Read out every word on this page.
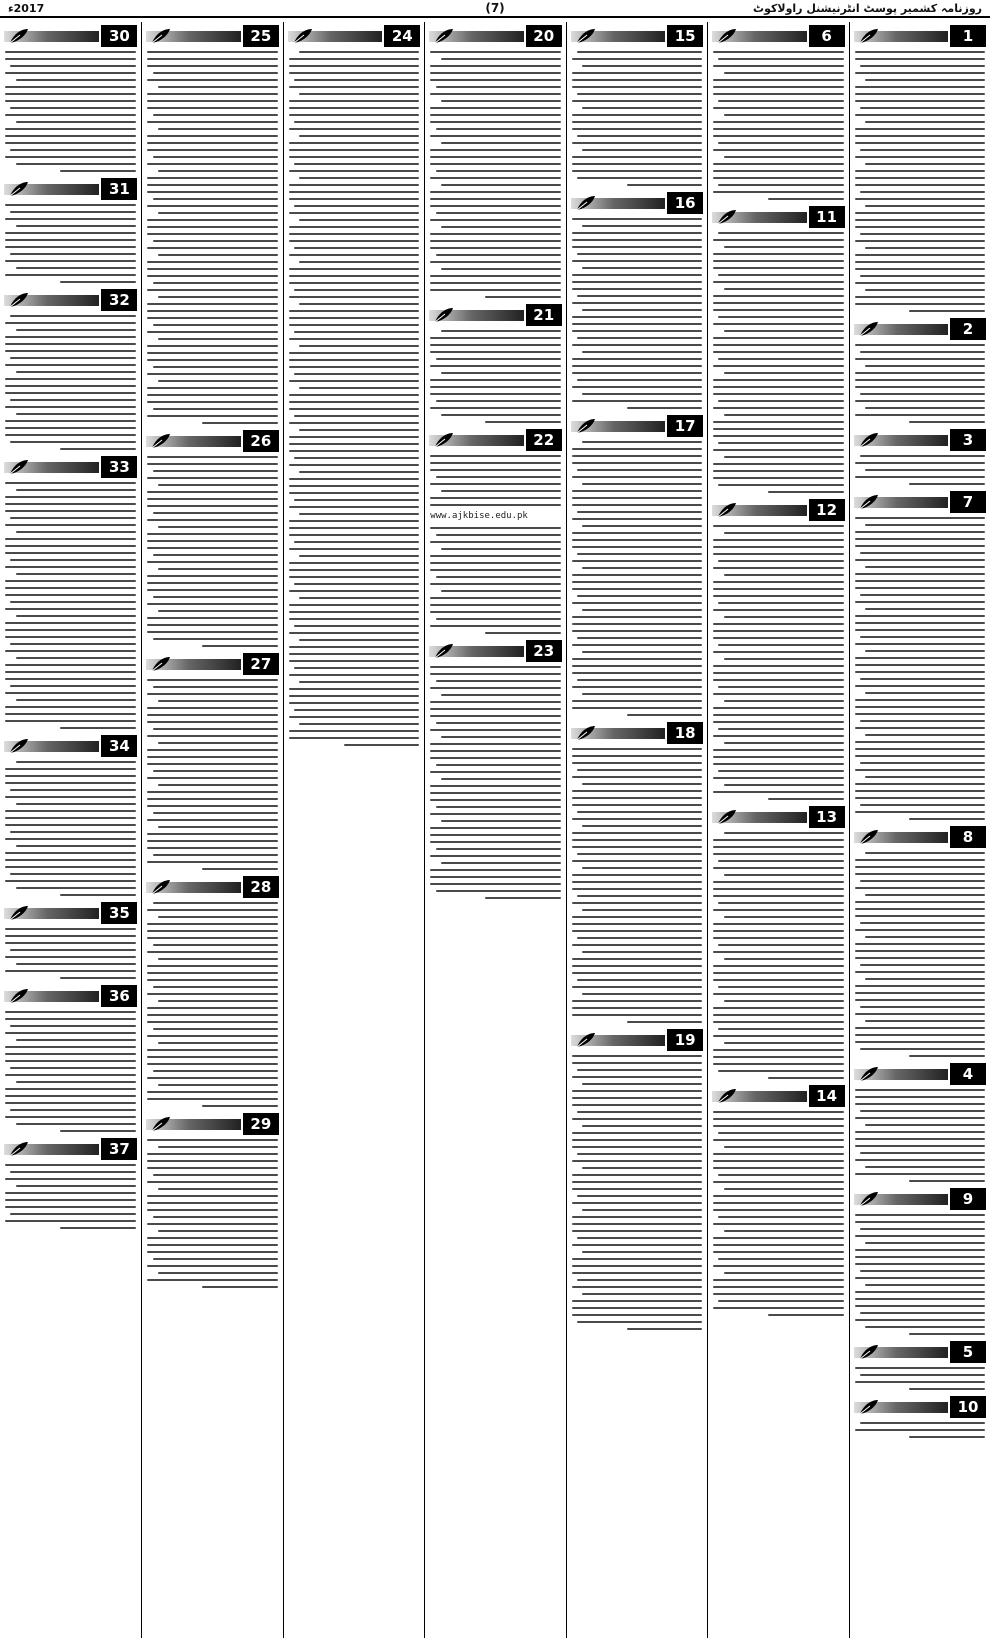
روزنامہ کشمیر پوسٹ انٹرنیشنل راولاکوٹ
(7)
2017ء
1
2
3
7
8
4
9
5
10
6
11
12
13
14
15
16
17
18
19
20
21
22
www.ajkbise.edu.pk
23
24
25
26
27
28
29
30
31
32
33
34
35
36
37
